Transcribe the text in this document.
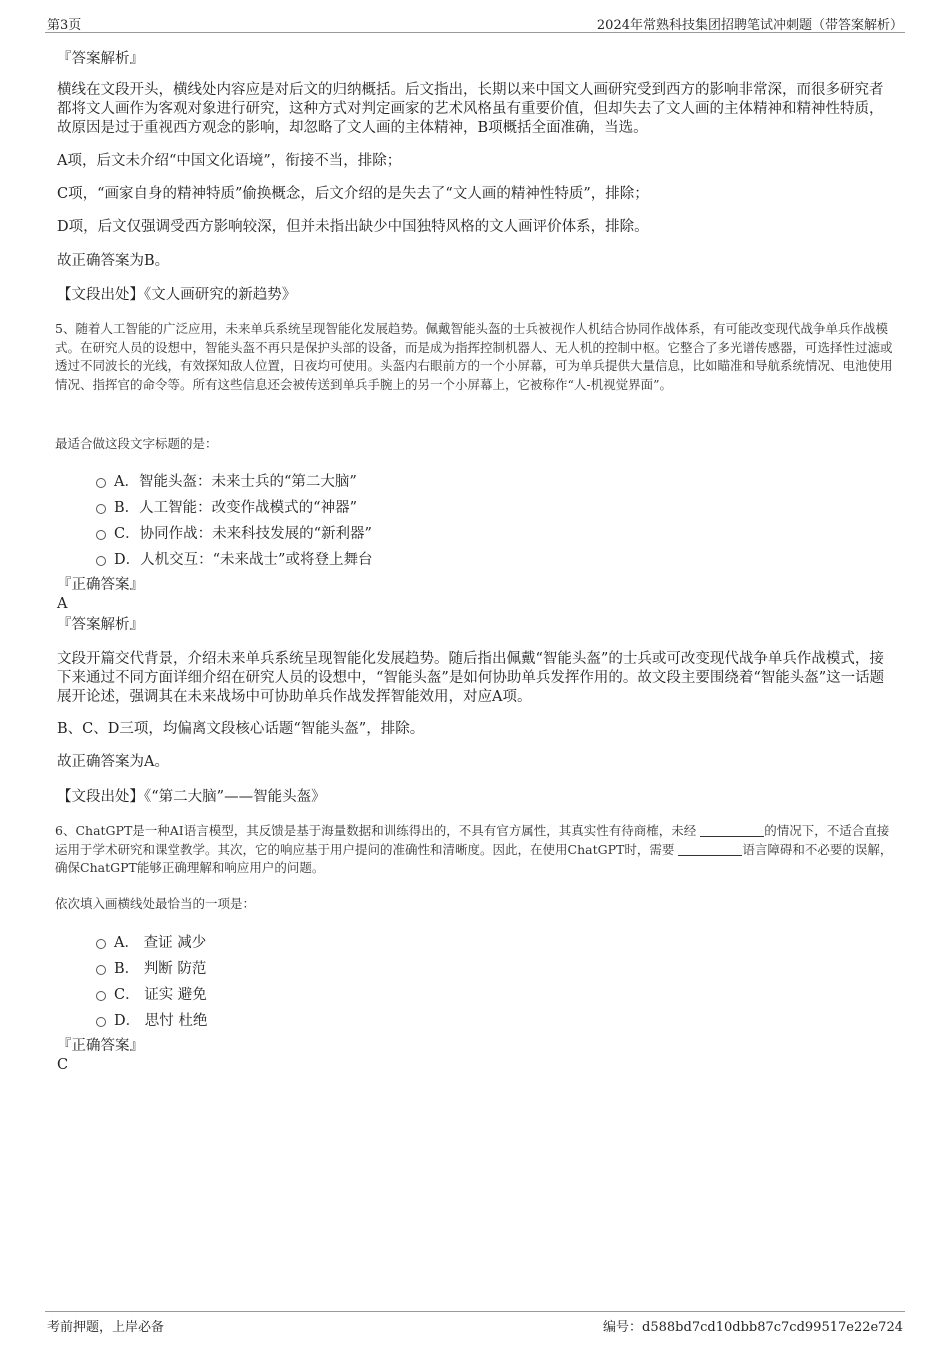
第3页	2024年常熟科技集团招聘笔试冲刺题（带答案解析）
『答案解析』
横线在文段开头，横线处内容应是对后文的归纳概括。后文指出，长期以来中国文人画研究受到西方的影响非常深，而很多研究者都将文人画作为客观对象进行研究，这种方式对判定画家的艺术风格虽有重要价值，但却失去了文人画的主体精神和精神性特质，故原因是过于重视西方观念的影响，却忽略了文人画的主体精神，B项概括全面准确，当选。
A项，后文未介绍“中国文化语境”，衔接不当，排除；
C项，“画家自身的精神特质”偷换概念，后文介绍的是失去了“文人画的精神性特质”，排除；
D项，后文仅强调受西方影响较深，但并未指出缺少中国独特风格的文人画评价体系，排除。
故正确答案为B。
【文段出处】《文人画研究的新趋势》
5、随着人工智能的广泛应用，未来单兵系统呈现智能化发展趋势。佩戴智能头盔的士兵被视作人机结合协同作战体系，有可能改变现代战争单兵作战模式。在研究人员的设想中，智能头盔不再只是保护头部的设备，而是成为指挥控制机器人、无人机的控制中枢。它整合了多光谱传感器，可选择性过滤或透过不同波长的光线，有效探知敌人位置，日夜均可使用。头盔内右眼前方的一个小屏幕，可为单兵提供大量信息，比如瞄准和导航系统情况、电池使用情况、指挥官的命令等。所有这些信息还会被传送到单兵手腕上的另一个小屏幕上，它被称作“人-机视觉界面”。
最适合做这段文字标题的是：
A．智能头盔：未来士兵的“第二大脑”
B．人工智能：改变作战模式的“神器”
C．协同作战：未来科技发展的“新利器”
D．人机交互：“未来战士”或将登上舞台
『正确答案』
A
『答案解析』
文段开篇交代背景，介绍未来单兵系统呈现智能化发展趋势。随后指出佩戴“智能头盔”的士兵或可改变现代战争单兵作战模式，接下来通过不同方面详细介绍在研究人员的设想中，“智能头盔”是如何协助单兵发挥作用的。故文段主要围绕着“智能头盔”这一话题展开论述，强调其在未来战场中可协助单兵作战发挥智能效用，对应A项。
B、C、D三项，均偏离文段核心话题“智能头盔”，排除。
故正确答案为A。
【文段出处】《“第二大脑”——智能头盔》
6、ChatGPT是一种AI语言模型，其反馈是基于海量数据和训练得出的，不具有官方属性，其真实性有待商榷，未经	的情况下，不适合直接运用于学术研究和课堂教学。其次，它的响应基于用户提问的准确性和清晰度。因此，在使用ChatGPT时，需要	语言障碍和不必要的误解，确保ChatGPT能够正确理解和响应用户的问题。
依次填入画横线处最恰当的一项是：
A． 查证 减少
B． 判断 防范
C． 证实 避免
D． 思忖 杜绝
『正确答案』
C
考前押题，上岸必备	编号：d588bd7cd10dbb87c7cd99517e22e724
